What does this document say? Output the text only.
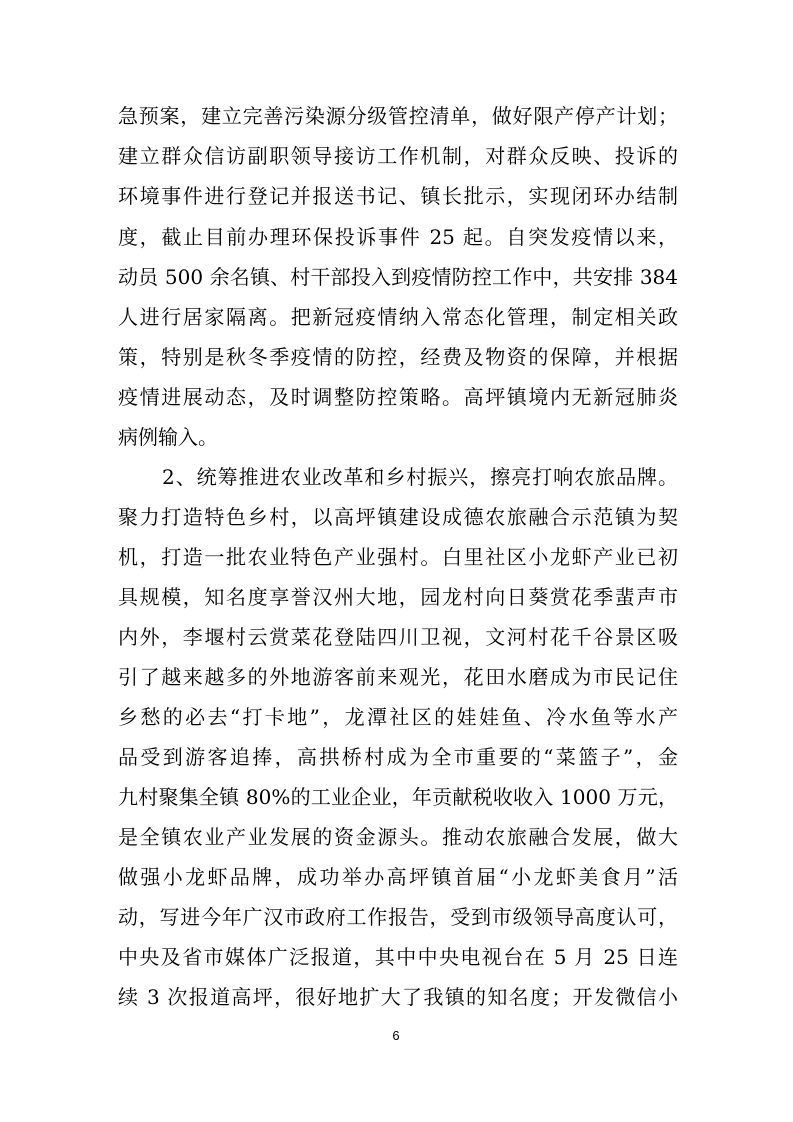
急预案，建立完善污染源分级管控清单，做好限产停产计划；
建立群众信访副职领导接访工作机制，对群众反映、投诉的
环境事件进行登记并报送书记、镇长批示，实现闭环办结制
度，截止目前办理环保投诉事件 25 起。自突发疫情以来，
动员 500 余名镇、村干部投入到疫情防控工作中，共安排 384
人进行居家隔离。把新冠疫情纳入常态化管理，制定相关政
策，特别是秋冬季疫情的防控，经费及物资的保障，并根据
疫情进展动态，及时调整防控策略。高坪镇境内无新冠肺炎
病例输入。
2、统筹推进农业改革和乡村振兴，擦亮打响农旅品牌。
聚力打造特色乡村，以高坪镇建设成德农旅融合示范镇为契
机，打造一批农业特色产业强村。白里社区小龙虾产业已初
具规模，知名度享誉汉州大地，园龙村向日葵赏花季蜚声市
内外，李堰村云赏菜花登陆四川卫视，文河村花千谷景区吸
引了越来越多的外地游客前来观光，花田水磨成为市民记住
乡愁的必去“打卡地”，龙潭社区的娃娃鱼、冷水鱼等水产
品受到游客追捧，高拱桥村成为全市重要的“菜篮子”，金
九村聚集全镇 80%的工业企业，年贡献税收收入 1000 万元，
是全镇农业产业发展的资金源头。推动农旅融合发展，做大
做强小龙虾品牌，成功举办高坪镇首届“小龙虾美食月”活
动，写进今年广汉市政府工作报告，受到市级领导高度认可，
中央及省市媒体广泛报道，其中中央电视台在 5 月 25 日连
续 3 次报道高坪，很好地扩大了我镇的知名度；开发微信小
6
